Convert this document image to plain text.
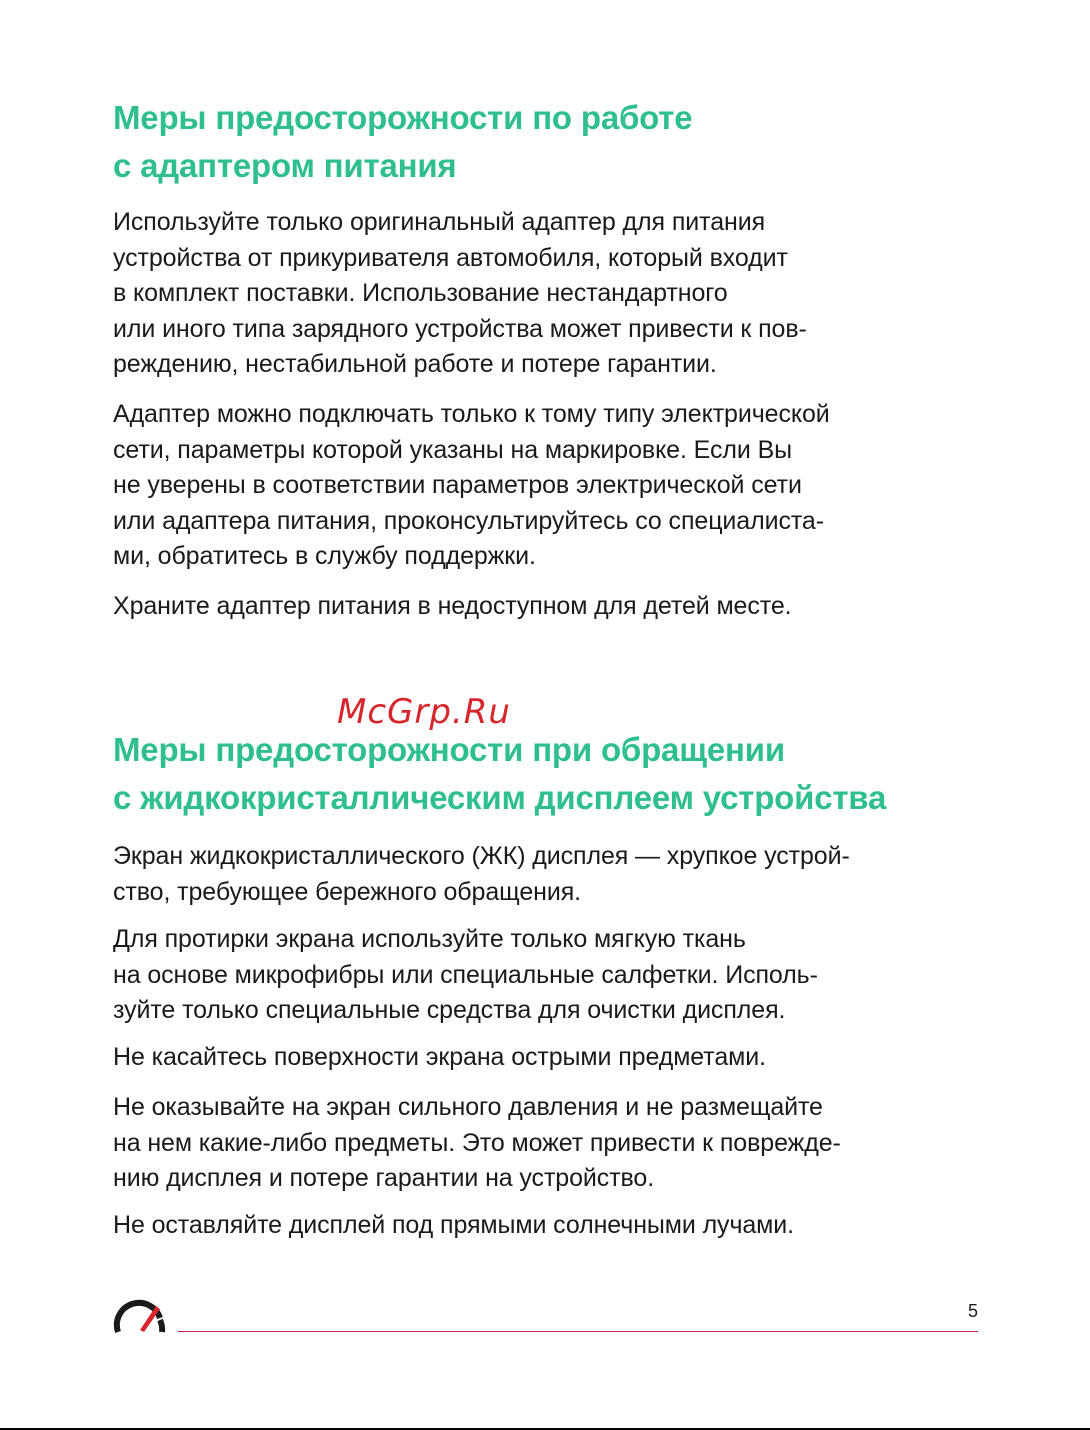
Меры предосторожности по работе
с адаптером питания

Используйте только оригинальный адаптер для питания
устройства от прикуривателя автомобиля, который входит
в комплект поставки. Использование нестандартного
или иного типа зарядного устройства может привести к пов-
реждению, нестабильной работе и потере гарантии.

Адаптер можно подключать только к тому типу электрической
сети, параметры которой указаны на маркировке. Если Вы
не уверены в соответствии параметров электрической сети
или адаптера питания, проконсультируйтесь со специалиста-
ми, обратитесь в службу поддержки.

Храните адаптер питания в недоступном для детей месте.

Меры предосторожности при обращении
с жидкокристаллическим дисплеем устройства

Экран жидкокристаллического (ЖК) дисплея — хрупкое устрой-
ство, требующее бережного обращения.

Для протирки экрана используйте только мягкую ткань
на основе микрофибры или специальные салфетки. Исполь-
зуйте только специальные средства для очистки дисплея.

Не касайтесь поверхности экрана острыми предметами.

Не оказывайте на экран сильного давления и не размещайте
на нем какие-либо предметы. Это может привести к поврежде-
нию дисплея и потере гарантии на устройство.

Не оставляйте дисплей под прямыми солнечными лучами.

McGrp.Ru
5
